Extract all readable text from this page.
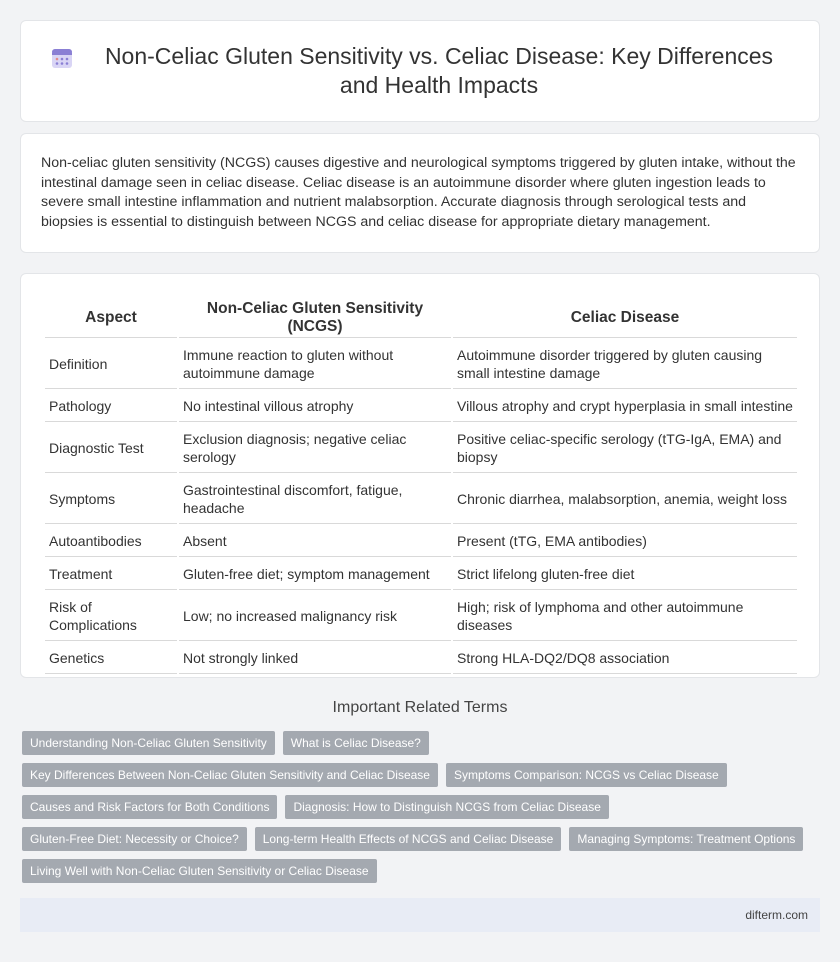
Non-Celiac Gluten Sensitivity vs. Celiac Disease: Key Differences and Health Impacts

Non-celiac gluten sensitivity (NCGS) causes digestive and neurological symptoms triggered by gluten intake, without the intestinal damage seen in celiac disease. Celiac disease is an autoimmune disorder where gluten ingestion leads to severe small intestine inflammation and nutrient malabsorption. Accurate diagnosis through serological tests and biopsies is essential to distinguish between NCGS and celiac disease for appropriate dietary management.

Aspect	Non-Celiac Gluten Sensitivity (NCGS)	Celiac Disease
Definition	Immune reaction to gluten without autoimmune damage	Autoimmune disorder triggered by gluten causing small intestine damage
Pathology	No intestinal villous atrophy	Villous atrophy and crypt hyperplasia in small intestine
Diagnostic Test	Exclusion diagnosis; negative celiac serology	Positive celiac-specific serology (tTG-IgA, EMA) and biopsy
Symptoms	Gastrointestinal discomfort, fatigue, headache	Chronic diarrhea, malabsorption, anemia, weight loss
Autoantibodies	Absent	Present (tTG, EMA antibodies)
Treatment	Gluten-free diet; symptom management	Strict lifelong gluten-free diet
Risk of Complications	Low; no increased malignancy risk	High; risk of lymphoma and other autoimmune diseases
Genetics	Not strongly linked	Strong HLA-DQ2/DQ8 association
Important Related Terms
Understanding Non-Celiac Gluten Sensitivity	What is Celiac Disease?
Key Differences Between Non-Celiac Gluten Sensitivity and Celiac Disease	Symptoms Comparison: NCGS vs Celiac Disease
Causes and Risk Factors for Both Conditions	Diagnosis: How to Distinguish NCGS from Celiac Disease
Gluten-Free Diet: Necessity or Choice?	Long-term Health Effects of NCGS and Celiac Disease	Managing Symptoms: Treatment Options
Living Well with Non-Celiac Gluten Sensitivity or Celiac Disease
difterm.com
